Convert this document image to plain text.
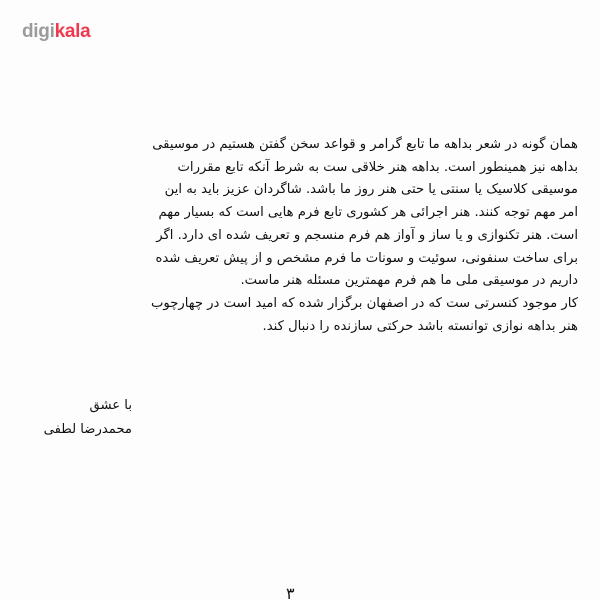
digikala
همان گونه در شعر بداهه ما تابع گرامر و قواعد سخن گفتن هستیم در موسیقی
بداهه نیز همینطور است. بداهه هنر خلاقی ست به شرط آنکه تابع مقررات
موسیقی کلاسیک یا سنتی یا حتی هنر روز ما باشد. شاگردان عزیز باید به این
امر مهم توجه کنند. هنر اجرائی هر کشوری تابع فرم هایی است که بسیار مهم
است. هنر تکنوازی و یا ساز و آواز هم فرم منسجم و تعریف شده ای دارد. اگر
برای ساخت سنفونی، سوئیت و سونات ما فرم مشخص و از پیش تعریف شده
داریم در موسیقی ملی ما هم فرم مهمترین مسئله هنر ماست.
کار موجود کنسرتی ست که در اصفهان برگزار شده که امید است در چهارچوب
هنر بداهه نوازی توانسته باشد حرکتی سازنده را دنبال کند.
با عشق
محمدرضا لطفی
۳
